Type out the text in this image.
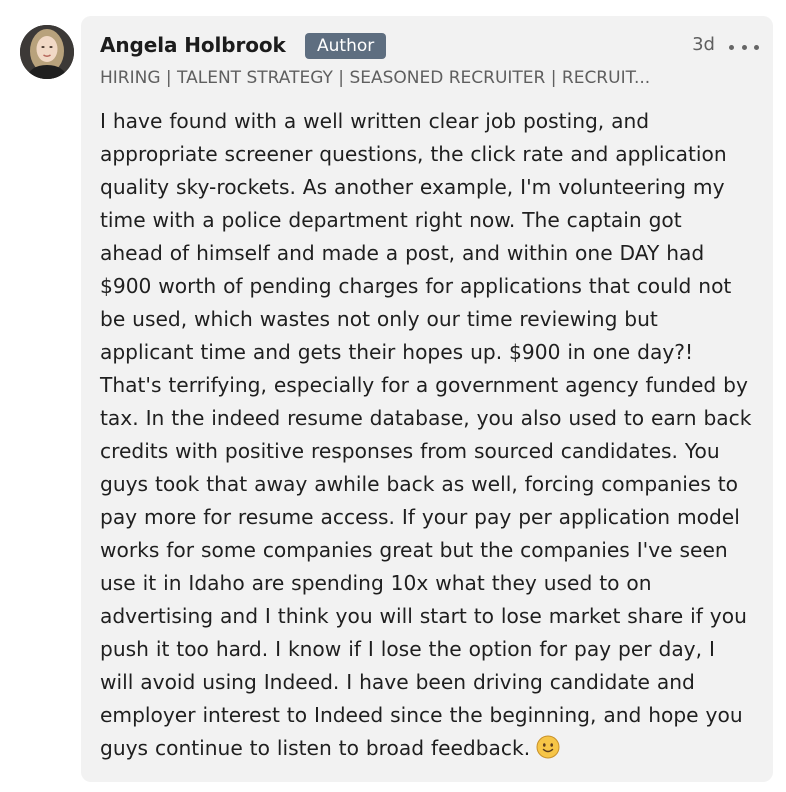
Angela Holbrook	Author	3d
HIRING | TALENT STRATEGY | SEASONED RECRUITER | RECRUIT...
I have found with a well written clear job posting, and
appropriate screener questions, the click rate and application
quality sky-rockets. As another example, I'm volunteering my
time with a police department right now. The captain got
ahead of himself and made a post, and within one DAY had
$900 worth of pending charges for applications that could not
be used, which wastes not only our time reviewing but
applicant time and gets their hopes up. $900 in one day?!
That's terrifying, especially for a government agency funded by
tax. In the indeed resume database, you also used to earn back
credits with positive responses from sourced candidates. You
guys took that away awhile back as well, forcing companies to
pay more for resume access. If your pay per application model
works for some companies great but the companies I've seen
use it in Idaho are spending 10x what they used to on
advertising and I think you will start to lose market share if you
push it too hard. I know if I lose the option for pay per day, I
will avoid using Indeed. I have been driving candidate and
employer interest to Indeed since the beginning, and hope you
guys continue to listen to broad feedback.
